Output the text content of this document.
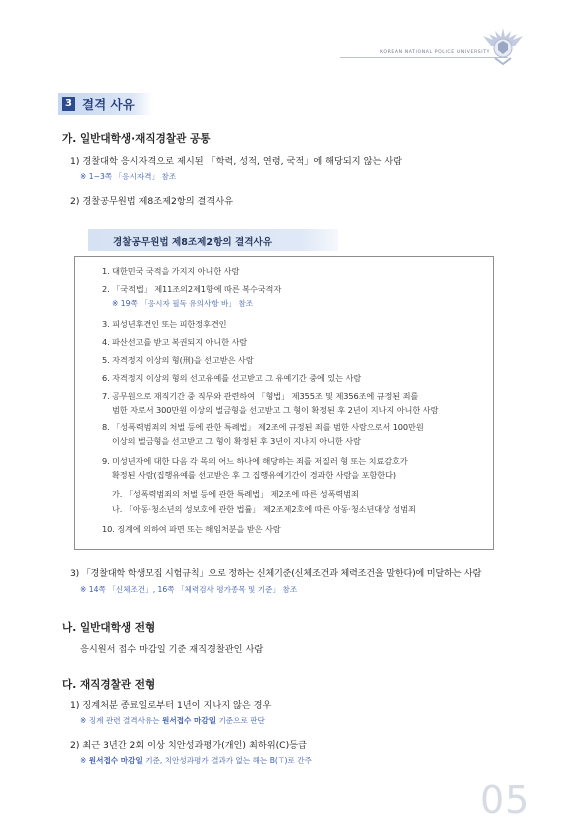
KOREAN NATIONAL POLICE UNIVERSITY
3 결격 사유
가. 일반대학생·재직경찰관 공통
1) 경찰대학 응시자격으로 제시된 「학력, 성적, 연령, 국적」에 해당되지 않는 사람
※ 1~3쪽 「응시자격」 참조
2) 경찰공무원법 제8조제2항의 결격사유
경찰공무원법 제8조제2항의 결격사유
1. 대한민국 국적을 가지지 아니한 사람
2. 「국적법」 제11조의2제1항에 따른 복수국적자
※ 19쪽 「응시자 필독 유의사항 바」 참조
3. 피성년후견인 또는 피한정후견인
4. 파산선고를 받고 복권되지 아니한 사람
5. 자격정지 이상의 형(刑)을 선고받은 사람
6. 자격정지 이상의 형의 선고유예를 선고받고 그 유예기간 중에 있는 사람
7. 공무원으로 재직기간 중 직무와 관련하여 「형법」 제355조 및 제356조에 규정된 죄를
범한 자로서 300만원 이상의 벌금형을 선고받고 그 형이 확정된 후 2년이 지나지 아니한 사람
8. 「성폭력범죄의 처벌 등에 관한 특례법」 제2조에 규정된 죄를 범한 사람으로서 100만원
이상의 벌금형을 선고받고 그 형이 확정된 후 3년이 지나지 아니한 사람
9. 미성년자에 대한 다음 각 목의 어느 하나에 해당하는 죄를 저질러 형 또는 치료감호가
확정된 사람(집행유예를 선고받은 후 그 집행유예기간이 경과한 사람을 포함한다)
가. 「성폭력범죄의 처벌 등에 관한 특례법」 제2조에 따른 성폭력범죄
나. 「아동·청소년의 성보호에 관한 법률」 제2조제2호에 따른 아동·청소년대상 성범죄
10. 징계에 의하여 파면 또는 해임처분을 받은 사람
3) 「경찰대학 학생모집 시험규칙」으로 정하는 신체기준(신체조건과 체력조건을 말한다)에 미달하는 사람
※ 14쪽 「신체조건」, 16쪽 「체력검사 평가종목 및 기준」 참조
나. 일반대학생 전형
응시원서 접수 마감일 기준 재직경찰관인 사람
다. 재직경찰관 전형
1) 징계처분 종료일로부터 1년이 지나지 않은 경우
※ 징계 관련 결격사유는 원서접수 마감일 기준으로 판단
2) 최근 3년간 2회 이상 치안성과평가(개인) 최하위(C)등급
※ 원서접수 마감일 기준, 치안성과평가 결과가 없는 해는 B(⊤)로 간주
05
